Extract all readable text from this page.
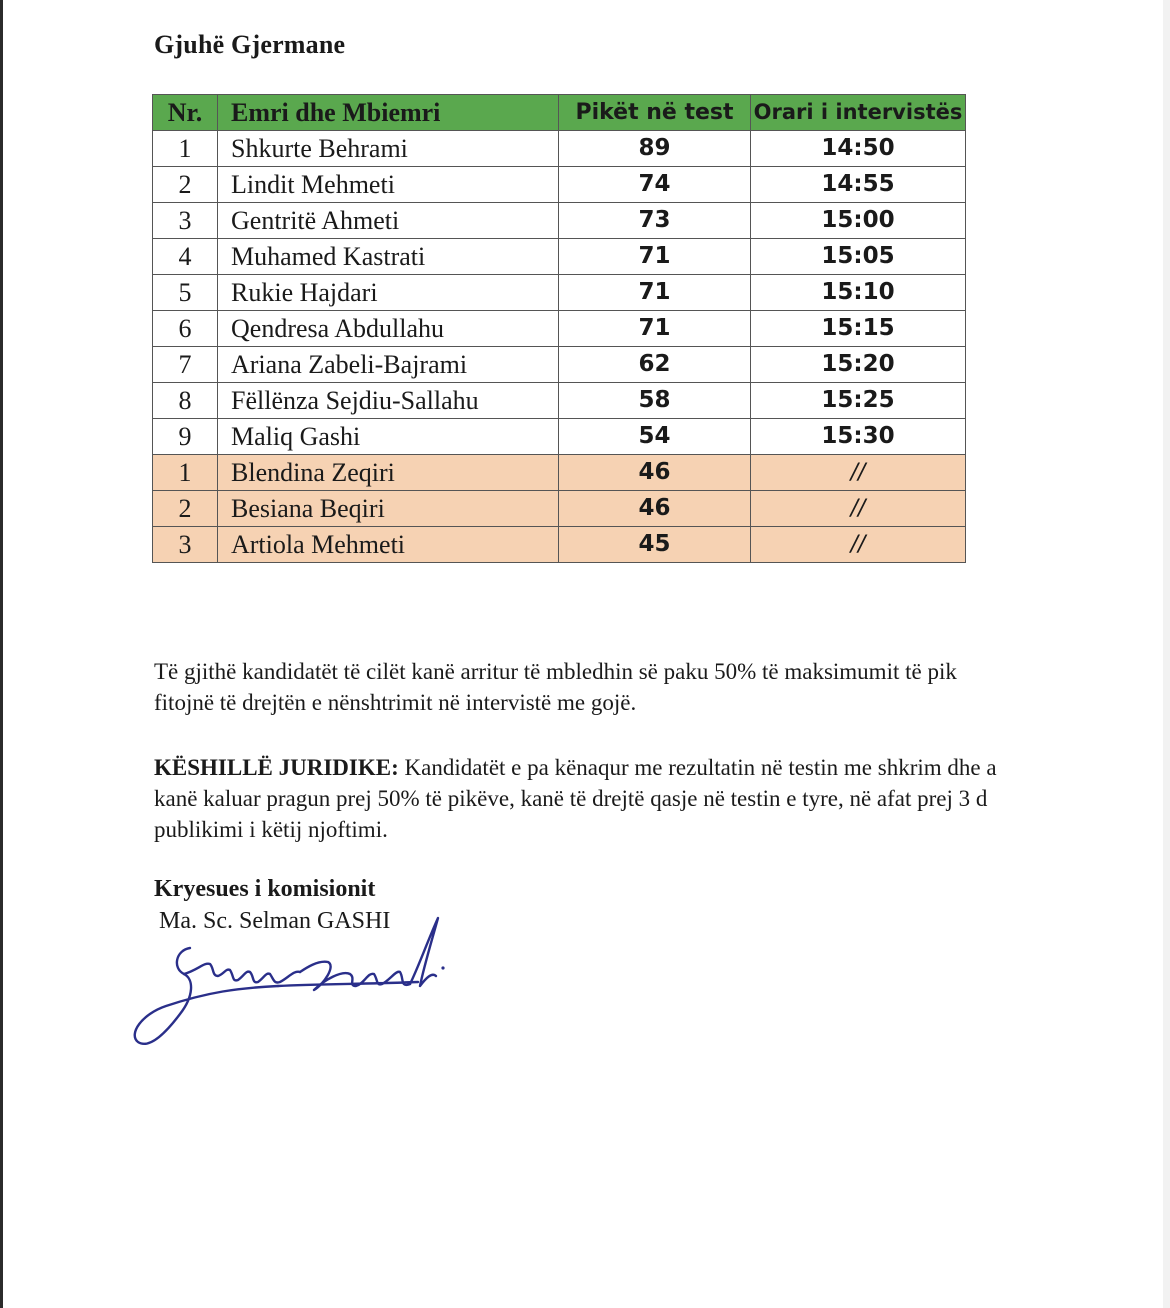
Gjuhë Gjermane
Nr.	Emri dhe Mbiemri	Pikët në test	Orari i intervistës
1	Shkurte Behrami	89	14:50
2	Lindit Mehmeti	74	14:55
3	Gentritë Ahmeti	73	15:00
4	Muhamed Kastrati	71	15:05
5	Rukie Hajdari	71	15:10
6	Qendresa Abdullahu	71	15:15
7	Ariana Zabeli-Bajrami	62	15:20
8	Fëllënza Sejdiu-Sallahu	58	15:25
9	Maliq Gashi	54	15:30
1	Blendina Zeqiri	46	//
2	Besiana Beqiri	46	//
3	Artiola Mehmeti	45	//
Të gjithë kandidatët të cilët kanë arritur të mbledhin së paku 50% të maksimumit të pik
fitojnë të drejtën e nënshtrimit në intervistë me gojë.
KËSHILLË JURIDIKE: Kandidatët e pa kënaqur me rezultatin në testin me shkrim dhe a
kanë kaluar pragun prej 50% të pikëve, kanë të drejtë qasje në testin e tyre, në afat prej 3 d
publikimi i këtij njoftimi.
Kryesues i komisionit
Ma. Sc. Selman GASHI
